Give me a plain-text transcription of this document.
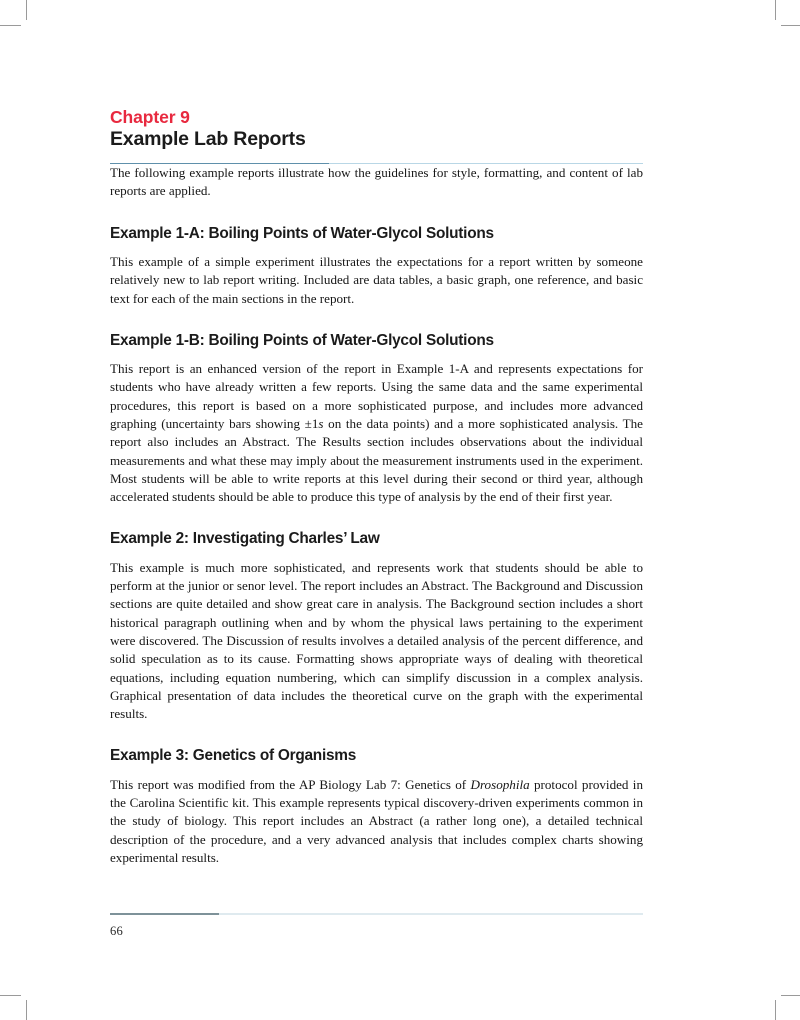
Chapter 9
Example Lab Reports

The following example reports illustrate how the guidelines for style, formatting, and content of lab reports are applied.

Example 1-A: Boiling Points of Water-Glycol Solutions

This example of a simple experiment illustrates the expectations for a report written by someone relatively new to lab report writing. Included are data tables, a basic graph, one reference, and basic text for each of the main sections in the report.

Example 1-B: Boiling Points of Water-Glycol Solutions

This report is an enhanced version of the report in Example 1-A and represents expectations for students who have already written a few reports. Using the same data and the same experimental procedures, this report is based on a more sophisticated purpose, and includes more advanced graphing (uncertainty bars showing ±1s on the data points) and a more sophisticated analysis. The report also includes an Abstract. The Results section includes observations about the individual measurements and what these may imply about the measurement instruments used in the experiment. Most students will be able to write reports at this level during their second or third year, although accelerated students should be able to produce this type of analysis by the end of their first year.

Example 2: Investigating Charles’ Law

This example is much more sophisticated, and represents work that students should be able to perform at the junior or senor level. The report includes an Abstract. The Background and Discussion sections are quite detailed and show great care in analysis. The Background section includes a short historical paragraph outlining when and by whom the physical laws pertaining to the experiment were discovered. The Discussion of results involves a detailed analysis of the percent difference, and solid speculation as to its cause. Formatting shows appropriate ways of dealing with theoretical equations, including equation numbering, which can simplify discussion in a complex analysis. Graphical presentation of data includes the theoretical curve on the graph with the experimental results.

Example 3: Genetics of Organisms

This report was modified from the AP Biology Lab 7: Genetics of Drosophila protocol provided in the Carolina Scientific kit. This example represents typical discovery-driven experiments common in the study of biology. This report includes an Abstract (a rather long one), a detailed technical description of the procedure, and a very advanced analysis that includes complex charts showing experimental results.

66
